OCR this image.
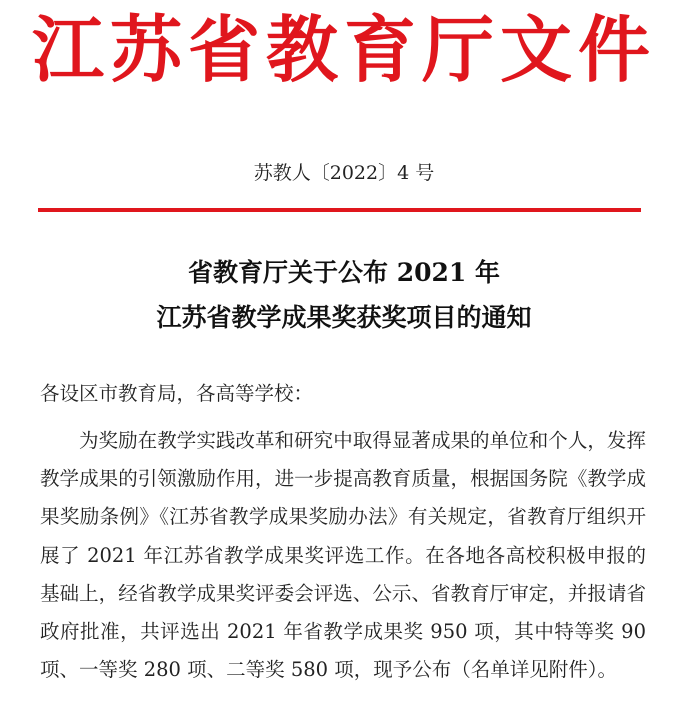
江苏省教育厅文件
苏教人〔2022〕4 号
省教育厅关于公布 2021 年
江苏省教学成果奖获奖项目的通知
各设区市教育局，各高等学校：

为奖励在教学实践改革和研究中取得显著成果的单位和个人，发挥教学成果的引领激励作用，进一步提高教育质量，根据国务院《教学成果奖励条例》《江苏省教学成果奖励办法》有关规定，省教育厅组织开展了 2021 年江苏省教学成果奖评选工作。在各地各高校积极申报的基础上，经省教学成果奖评委会评选、公示、省教育厅审定，并报请省政府批准，共评选出 2021 年省教学成果奖 950 项，其中特等奖 90 项、一等奖 280 项、二等奖 580 项，现予公布（名单详见附件）。
